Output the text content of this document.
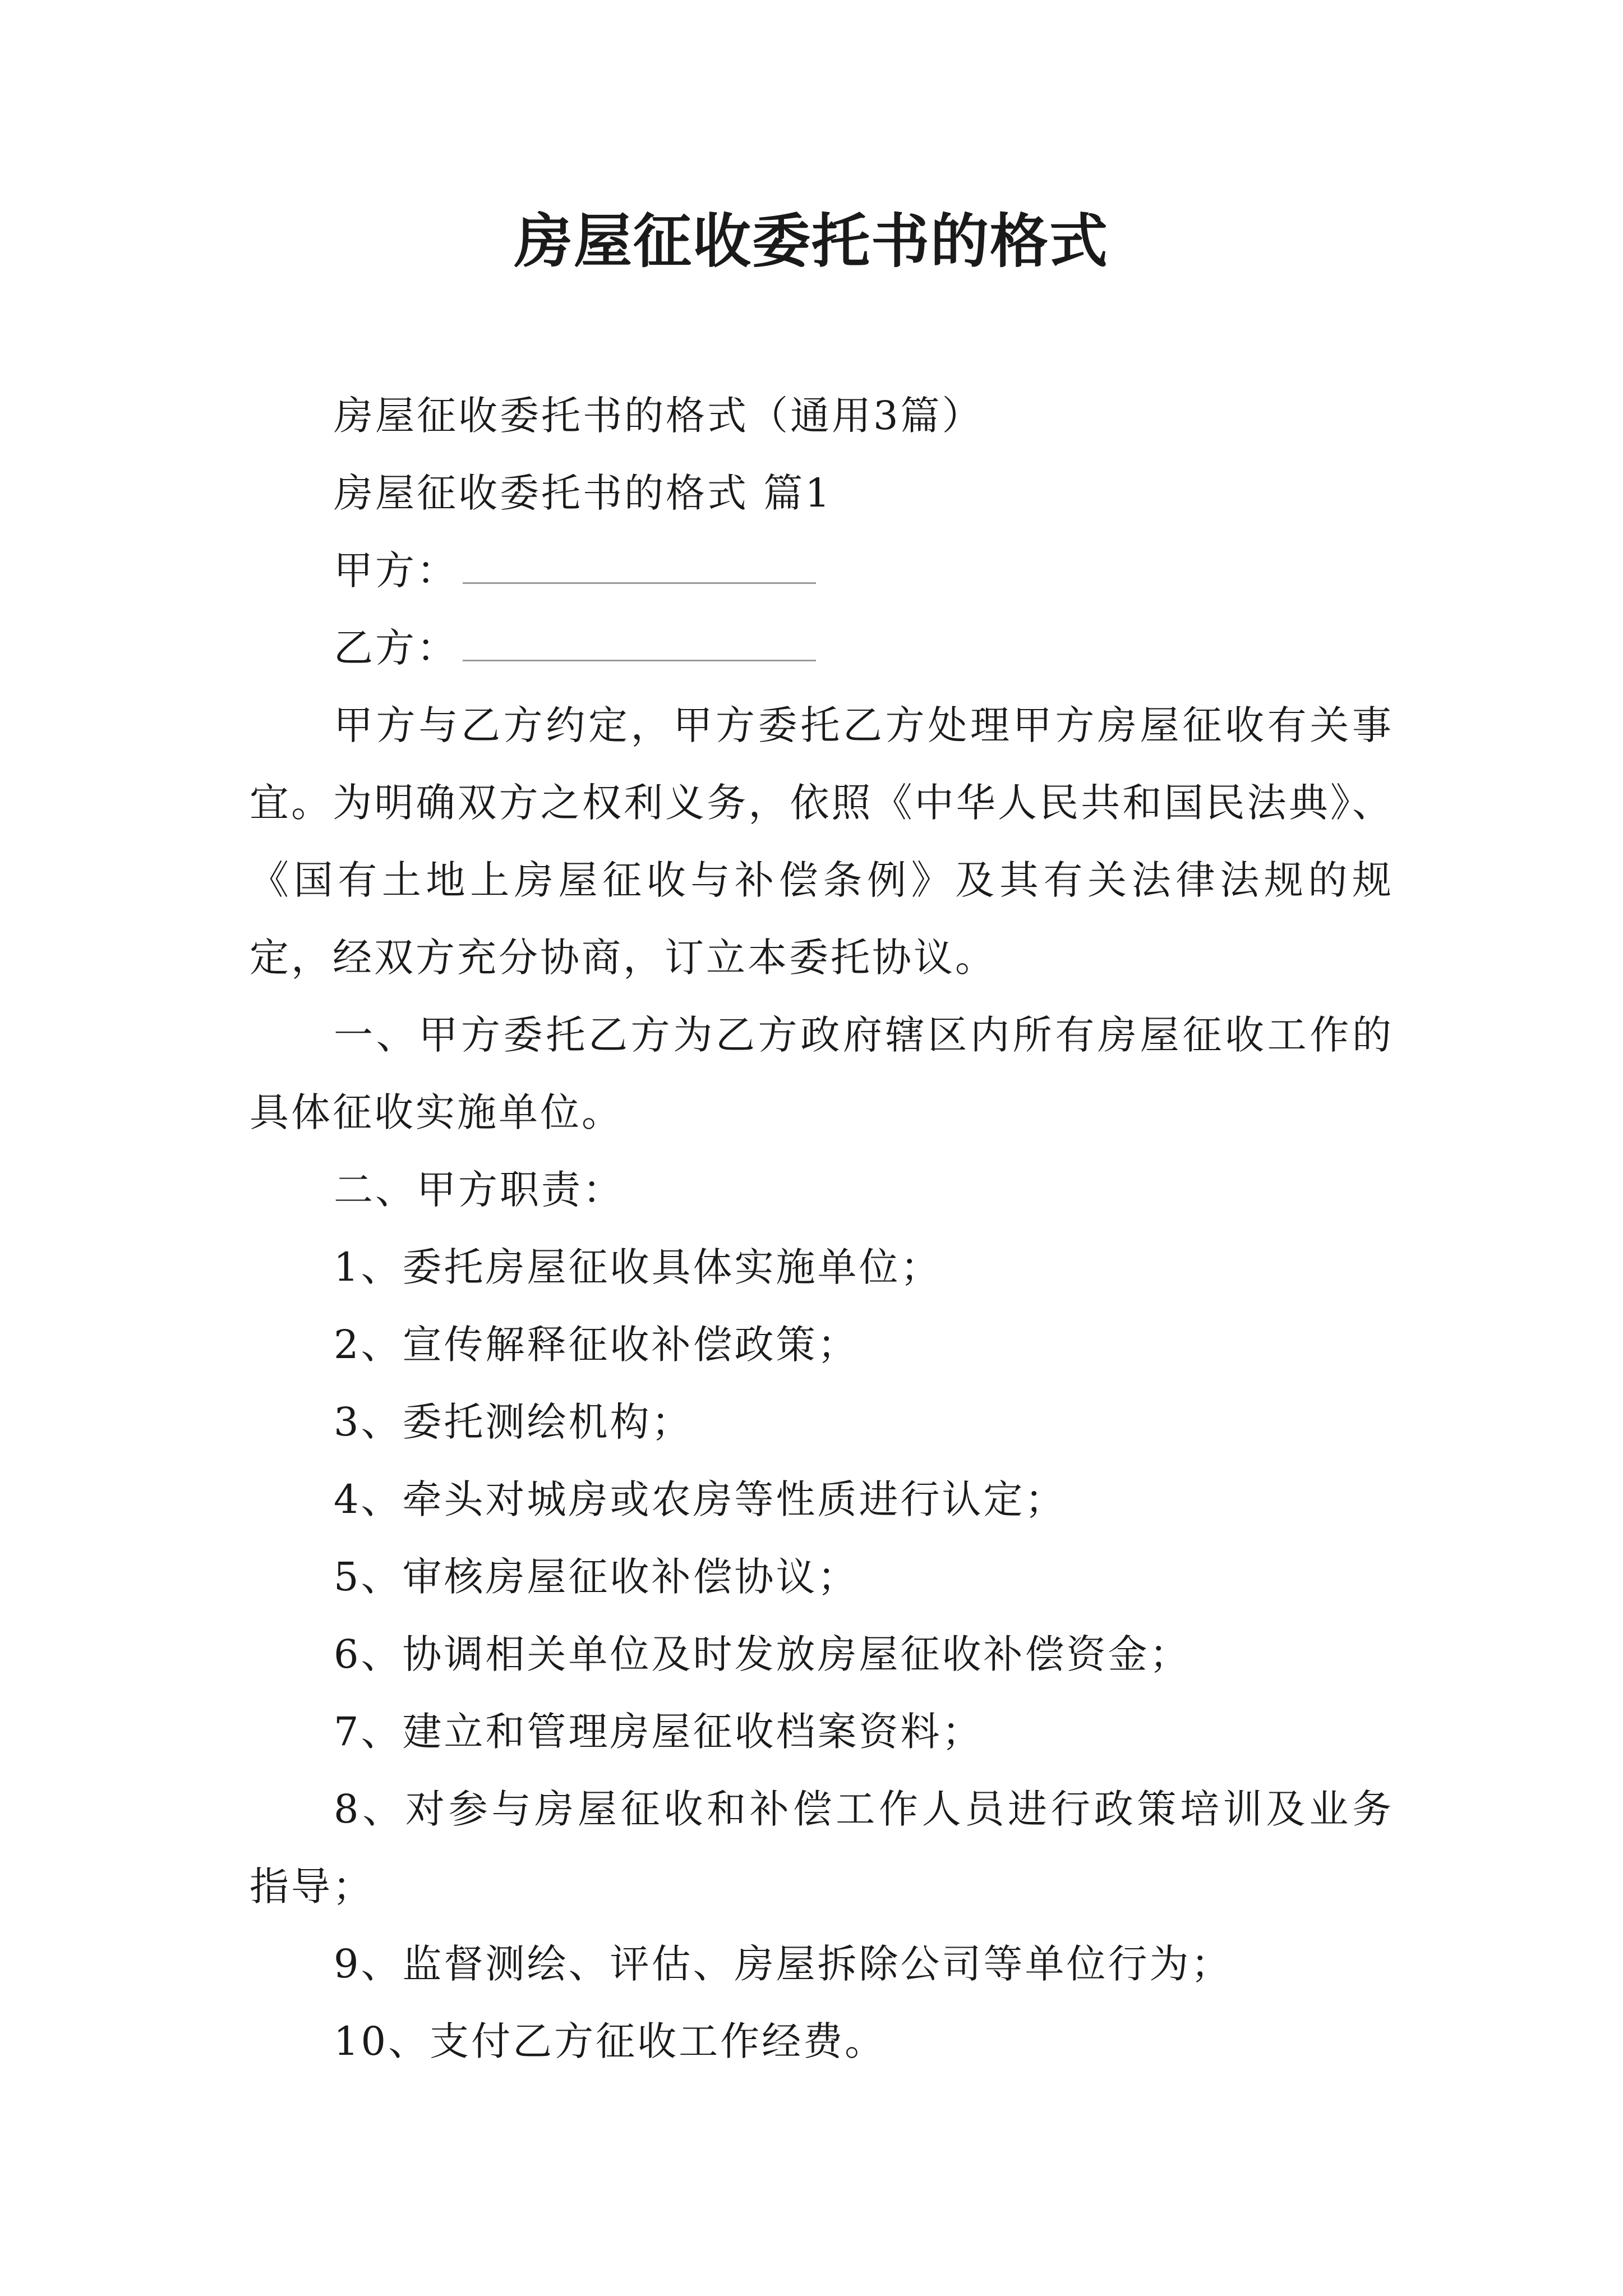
房屋征收委托书的格式
房屋征收委托书的格式（通用3篇）
房屋征收委托书的格式 篇1
甲方：
乙方：

甲方与乙方约定，甲方委托乙方处理甲方房屋征收有关事宜。为明确双方之权利义务，依照《中华人民共和国民法典》、《国有土地上房屋征收与补偿条例》及其有关法律法规的规定，经双方充分协商，订立本委托协议。

一、甲方委托乙方为乙方政府辖区内所有房屋征收工作的具体征收实施单位。

二、甲方职责：
1、委托房屋征收具体实施单位；
2、宣传解释征收补偿政策；
3、委托测绘机构；
4、牵头对城房或农房等性质进行认定；
5、审核房屋征收补偿协议；
6、协调相关单位及时发放房屋征收补偿资金；
7、建立和管理房屋征收档案资料；

8、对参与房屋征收和补偿工作人员进行政策培训及业务指导；

9、监督测绘、评估、房屋拆除公司等单位行为；
10、支付乙方征收工作经费。
